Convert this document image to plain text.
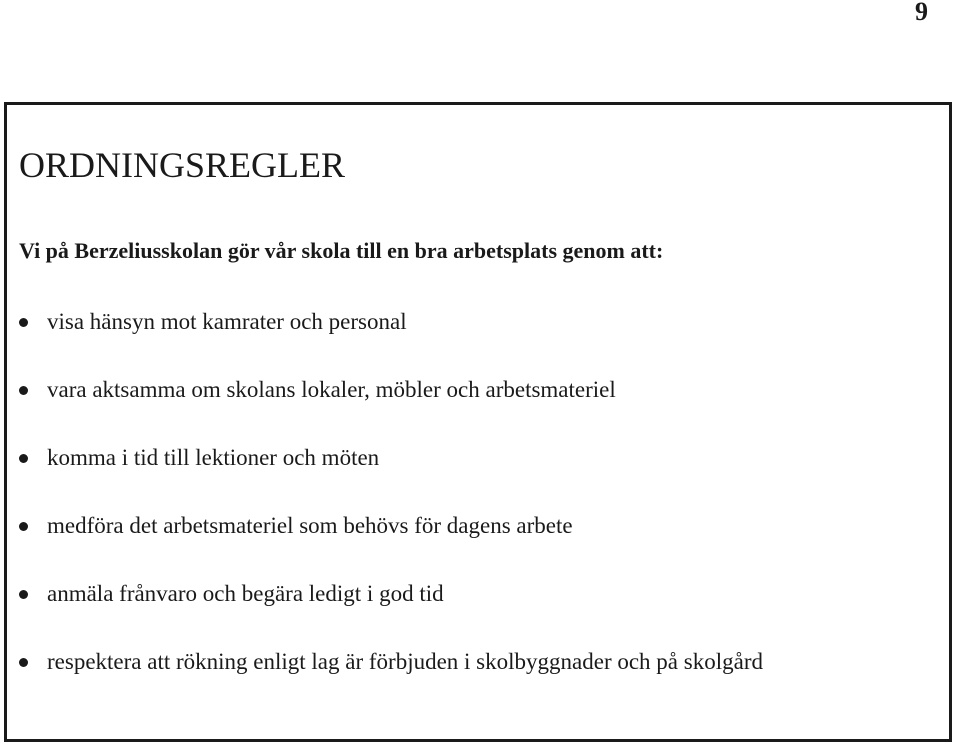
9
ORDNINGSREGLER

Vi på Berzeliusskolan gör vår skola till en bra arbetsplats genom att:

visa hänsyn mot kamrater och personal
vara aktsamma om skolans lokaler, möbler och arbetsmateriel
komma i tid till lektioner och möten
medföra det arbetsmateriel som behövs för dagens arbete
anmäla frånvaro och begära ledigt i god tid
respektera att rökning enligt lag är förbjuden i skolbyggnader och på skolgård
